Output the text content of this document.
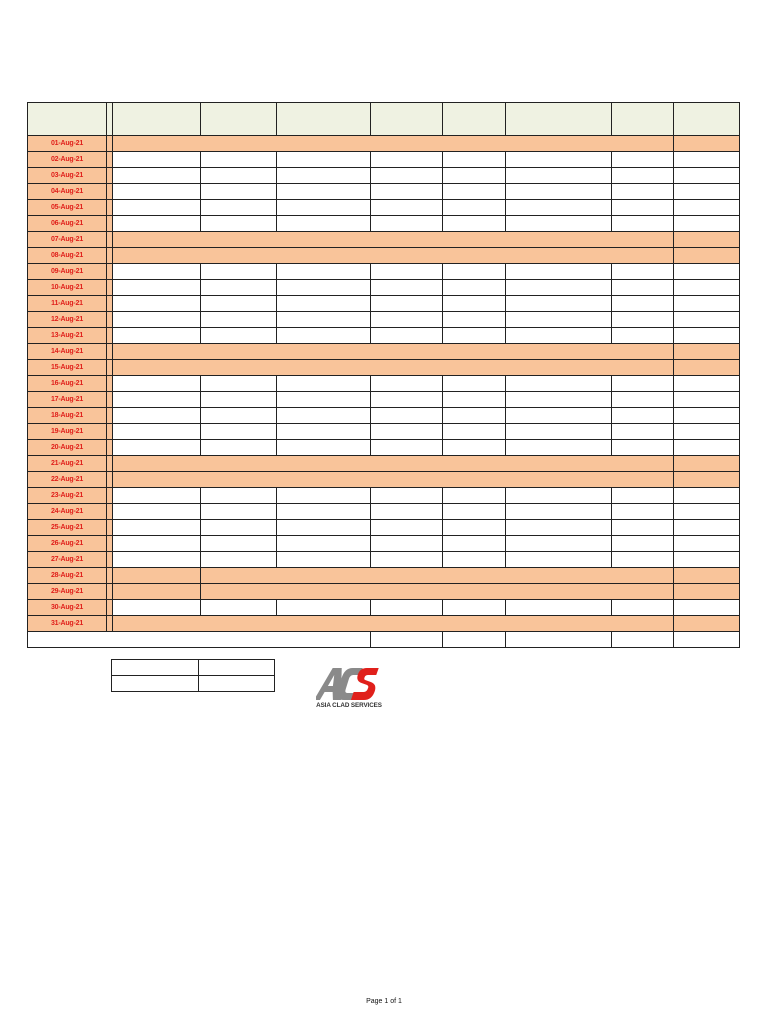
01-Aug-21
02-Aug-21
03-Aug-21
04-Aug-21
05-Aug-21
06-Aug-21
07-Aug-21
08-Aug-21
09-Aug-21
10-Aug-21
11-Aug-21
12-Aug-21
13-Aug-21
14-Aug-21
15-Aug-21
16-Aug-21
17-Aug-21
18-Aug-21
19-Aug-21
20-Aug-21
21-Aug-21
22-Aug-21
23-Aug-21
24-Aug-21
25-Aug-21
26-Aug-21
27-Aug-21
28-Aug-21
29-Aug-21
30-Aug-21
31-Aug-21
ASIA CLAD SERVICES
Page 1 of 1
